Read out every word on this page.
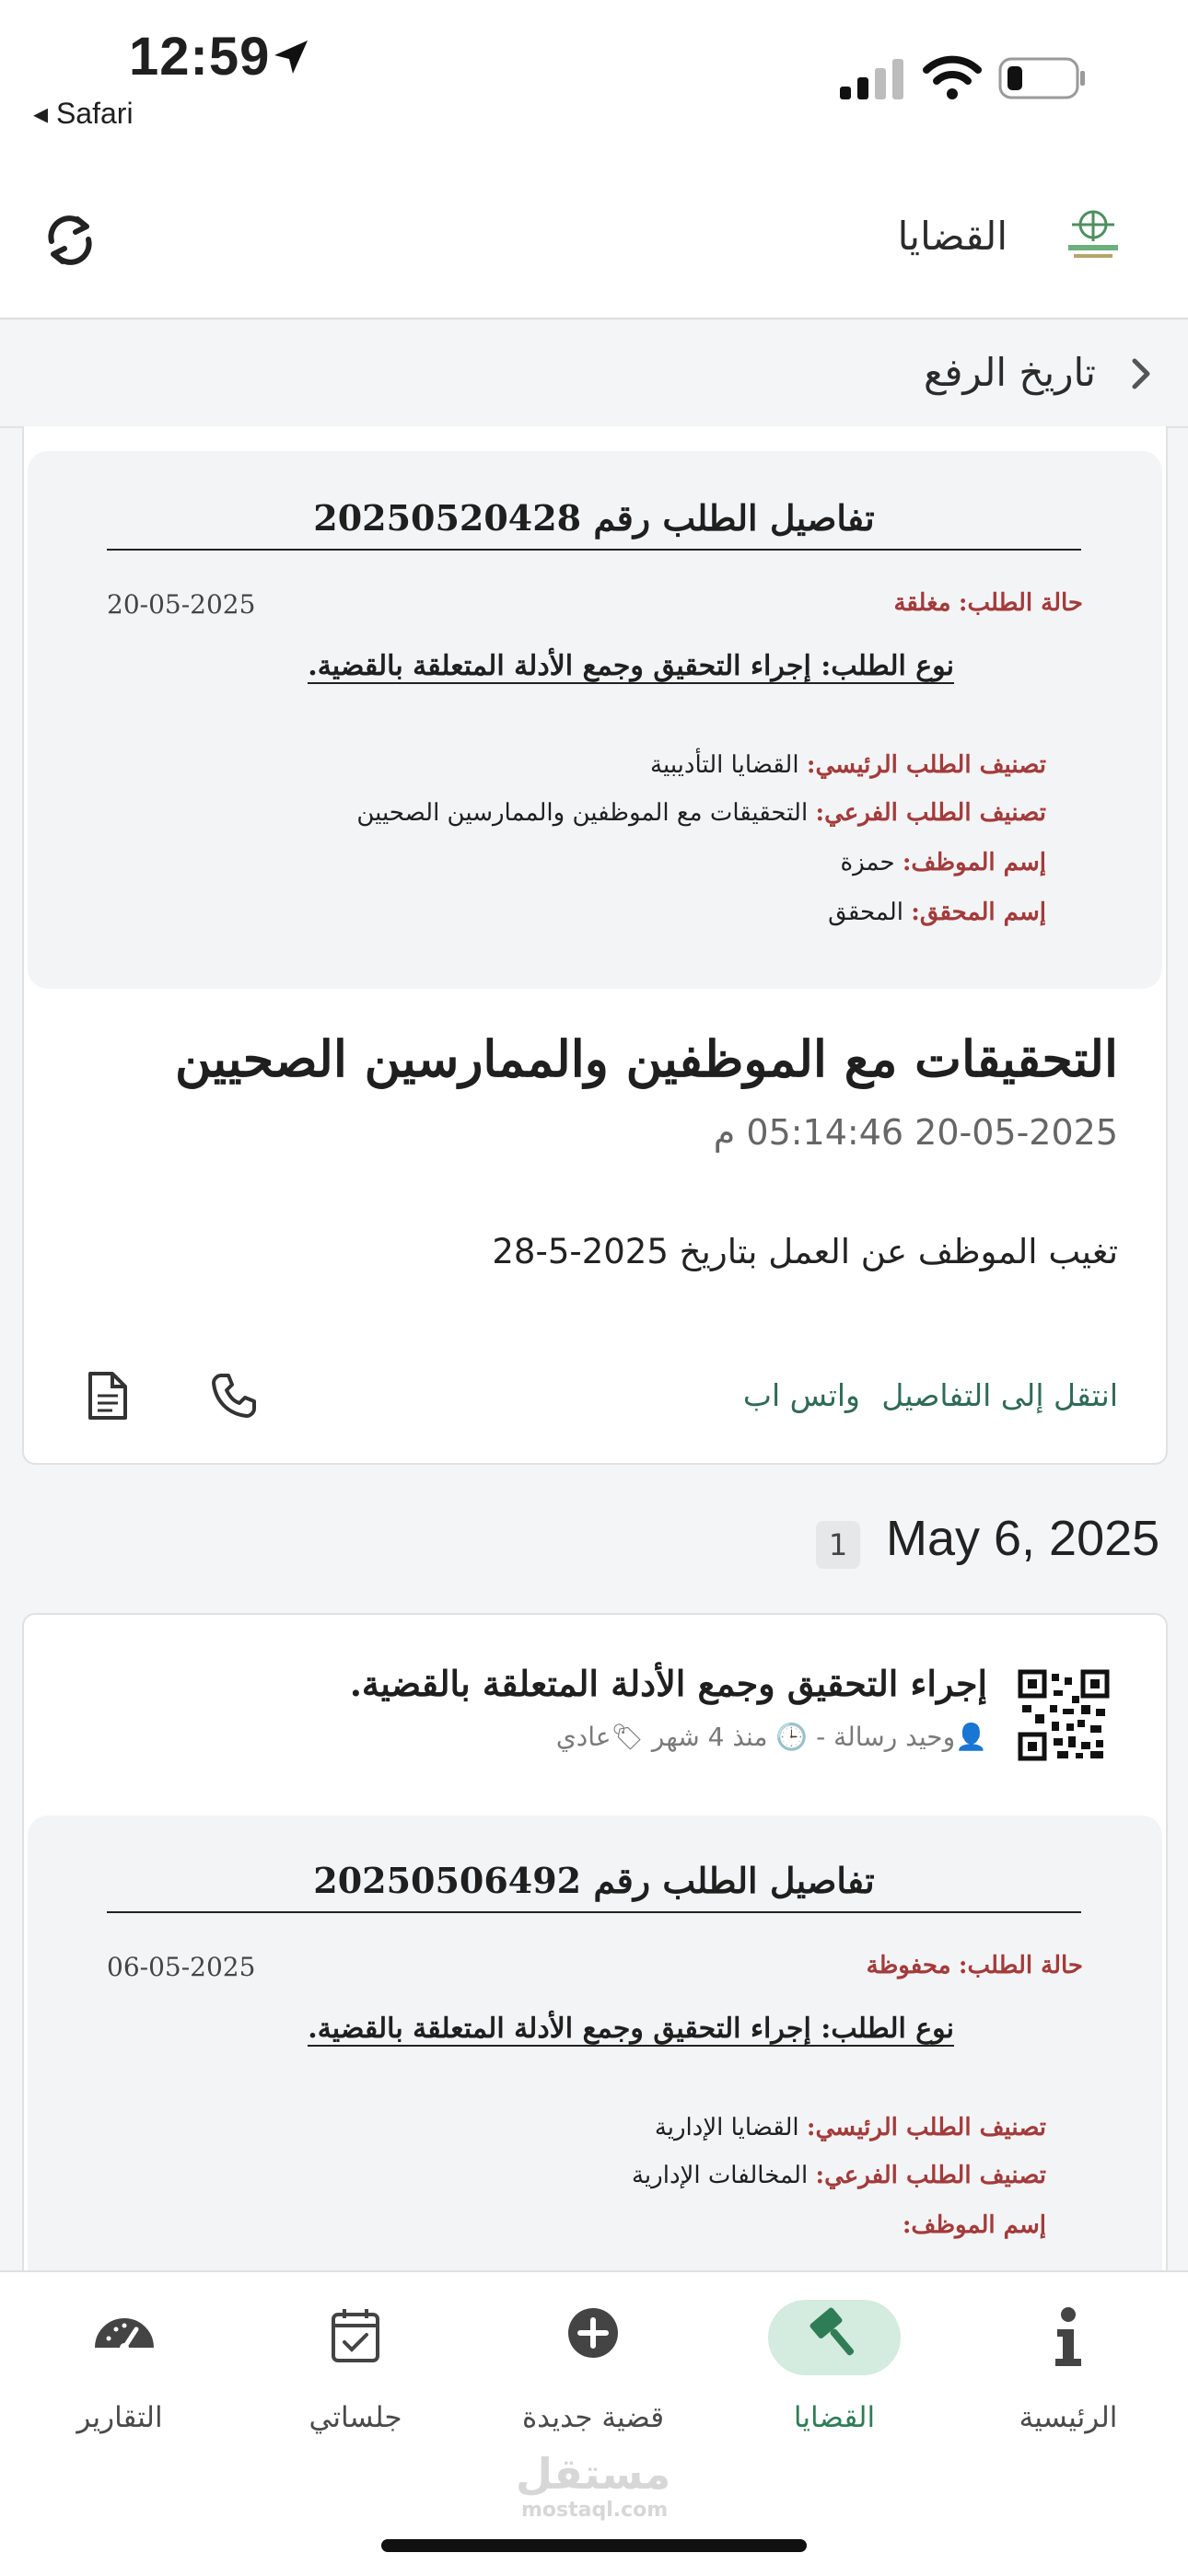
12:59
◂ Safari
القضايا
تاريخ الرفع
تفاصيل الطلب رقم 20250520428
حالة الطلب: مغلقة
20-05-2025
نوع الطلب: إجراء التحقيق وجمع الأدلة المتعلقة بالقضية.
تصنيف الطلب الرئيسي: القضايا التأديبية
تصنيف الطلب الفرعي: التحقيقات مع الموظفين والممارسين الصحيين
إسم الموظف: حمزة
إسم المحقق: المحقق
التحقيقات مع الموظفين والممارسين الصحيين
20-05-2025 05:14:46 م
تغيب الموظف عن العمل بتاريخ 2025-5-28
انتقل إلى التفاصيل
واتس اب
May 6, 2025
1
إجراء التحقيق وجمع الأدلة المتعلقة بالقضية.
👤وحيد رسالة - 🕒 منذ 4 شهر 🏷عادي
تفاصيل الطلب رقم 20250506492
حالة الطلب: محفوظة
06-05-2025
نوع الطلب: إجراء التحقيق وجمع الأدلة المتعلقة بالقضية.
تصنيف الطلب الرئيسي: القضايا الإدارية
تصنيف الطلب الفرعي: المخالفات الإدارية
إسم الموظف:
الرئيسية
القضايا
قضية جديدة
جلساتي
التقارير
مستقل
mostaql.com
